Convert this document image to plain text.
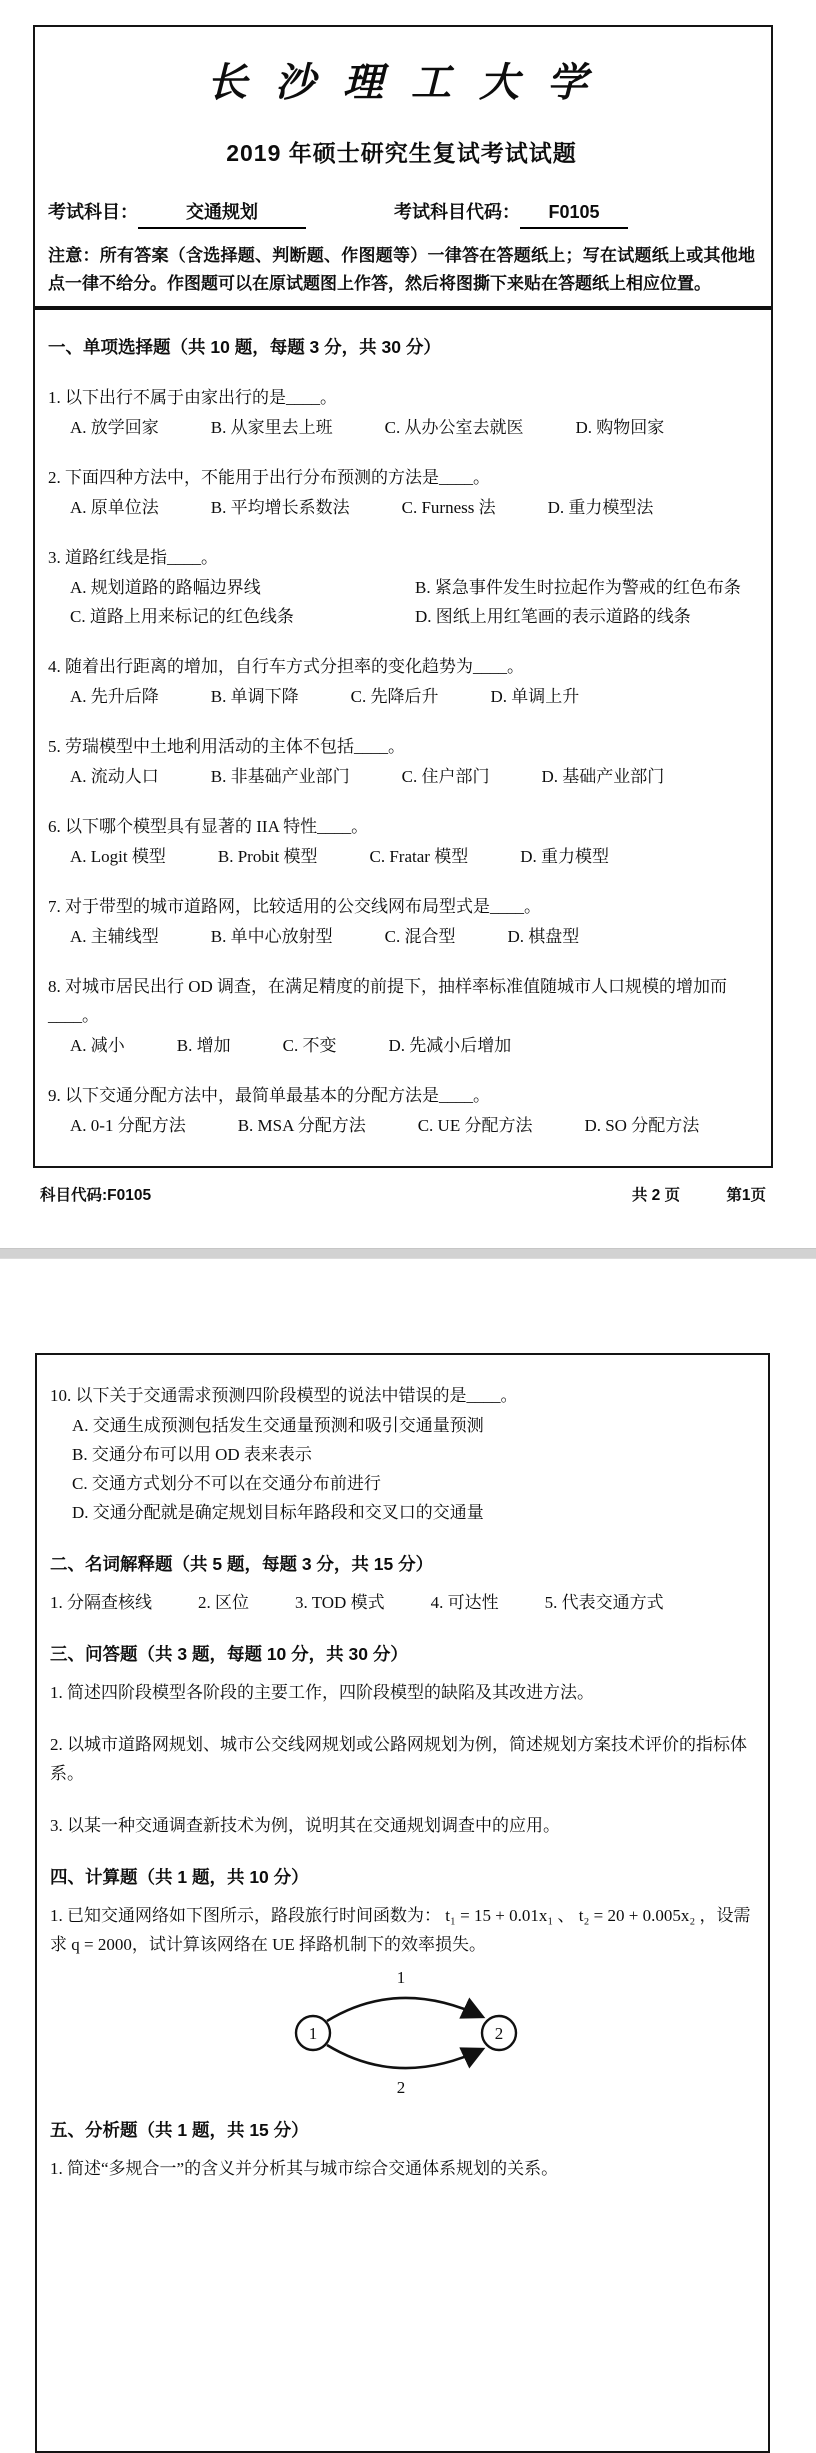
长 沙 理 工 大 学
2019 年硕士研究生复试考试试题
考试科目：	交通规划	考试科目代码： F0105
注意：所有答案（含选择题、判断题、作图题等）一律答在答题纸上；写在试题纸上或其他地点一律不给分。作图题可以在原试题图上作答，然后将图撕下来贴在答题纸上相应位置。
一、单项选择题（共 10 题，每题 3 分，共 30 分）
1. 以下出行不属于由家出行的是____。
A. 放学回家	B. 从家里去上班	C. 从办公室去就医	D. 购物回家
2. 下面四种方法中，不能用于出行分布预测的方法是____。
A. 原单位法	B. 平均增长系数法	C. Furness 法	D. 重力模型法
3. 道路红线是指____。
A. 规划道路的路幅边界线	B. 紧急事件发生时拉起作为警戒的红色布条
C. 道路上用来标记的红色线条	D. 图纸上用红笔画的表示道路的线条
4. 随着出行距离的增加，自行车方式分担率的变化趋势为____。
A. 先升后降	B. 单调下降	C. 先降后升	D. 单调上升
5. 劳瑞模型中土地利用活动的主体不包括____。
A. 流动人口	B. 非基础产业部门	C. 住户部门	D. 基础产业部门
6. 以下哪个模型具有显著的 IIA 特性____。
A. Logit 模型	B. Probit 模型	C. Fratar 模型	D. 重力模型
7. 对于带型的城市道路网，比较适用的公交线网布局型式是____。
A. 主辅线型	B. 单中心放射型	C. 混合型	D. 棋盘型
8. 对城市居民出行 OD 调查，在满足精度的前提下，抽样率标准值随城市人口规模的增加而____。
A. 减小	B. 增加	C. 不变	D. 先减小后增加
9. 以下交通分配方法中，最简单最基本的分配方法是____。
A. 0-1 分配方法	B. MSA 分配方法	C. UE 分配方法	D. SO 分配方法
科目代码:F0105	共 2 页	第1页
10. 以下关于交通需求预测四阶段模型的说法中错误的是____。
A. 交通生成预测包括发生交通量预测和吸引交通量预测
B. 交通分布可以用 OD 表来表示
C. 交通方式划分不可以在交通分布前进行
D. 交通分配就是确定规划目标年路段和交叉口的交通量
二、名词解释题（共 5 题，每题 3 分，共 15 分）
1. 分隔查核线	2. 区位	3. TOD 模式	4. 可达性	5. 代表交通方式
三、问答题（共 3 题，每题 10 分，共 30 分）
1. 简述四阶段模型各阶段的主要工作，四阶段模型的缺陷及其改进方法。
2. 以城市道路网规划、城市公交线网规划或公路网规划为例，简述规划方案技术评价的指标体系。
3. 以某一种交通调查新技术为例，说明其在交通规划调查中的应用。
四、计算题（共 1 题，共 10 分）
1. 已知交通网络如下图所示，路段旅行时间函数为： t₁ = 15 + 0.01x₁ 、 t₂ = 20 + 0.005x₂ ，设需求 q = 2000，试计算该网络在 UE 择路机制下的效率损失。
1	2
1
2
五、分析题（共 1 题，共 15 分）
1. 简述“多规合一”的含义并分析其与城市综合交通体系规划的关系。
